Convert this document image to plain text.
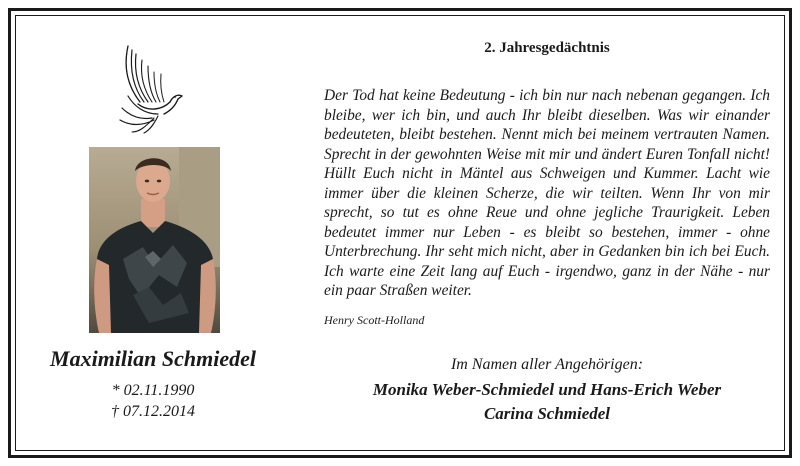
Maximilian Schmiedel
* 02.11.1990
† 07.12.2014
2. Jahresgedächtnis

Der Tod hat keine Bedeutung - ich bin nur nach nebenan gegangen. Ich bleibe, wer ich bin, und auch Ihr bleibt dieselben. Was wir einander bedeuteten, bleibt bestehen. Nennt mich bei meinem vertrauten Namen. Sprecht in der gewohnten Weise mit mir und ändert Euren Tonfall nicht! Hüllt Euch nicht in Mäntel aus Schweigen und Kummer. Lacht wie immer über die kleinen Scherze, die wir teilten. Wenn Ihr von mir sprecht, so tut es ohne Reue und ohne jegliche Traurigkeit. Leben bedeutet immer nur Leben - es bleibt so bestehen, immer - ohne Unterbrechung. Ihr seht mich nicht, aber in Gedanken bin ich bei Euch. Ich warte eine Zeit lang auf Euch - irgendwo, ganz in der Nähe - nur ein paar Straßen weiter.

Henry Scott-Holland

Im Namen aller Angehörigen:

Monika Weber-Schmiedel und Hans-Erich Weber
Carina Schmiedel
